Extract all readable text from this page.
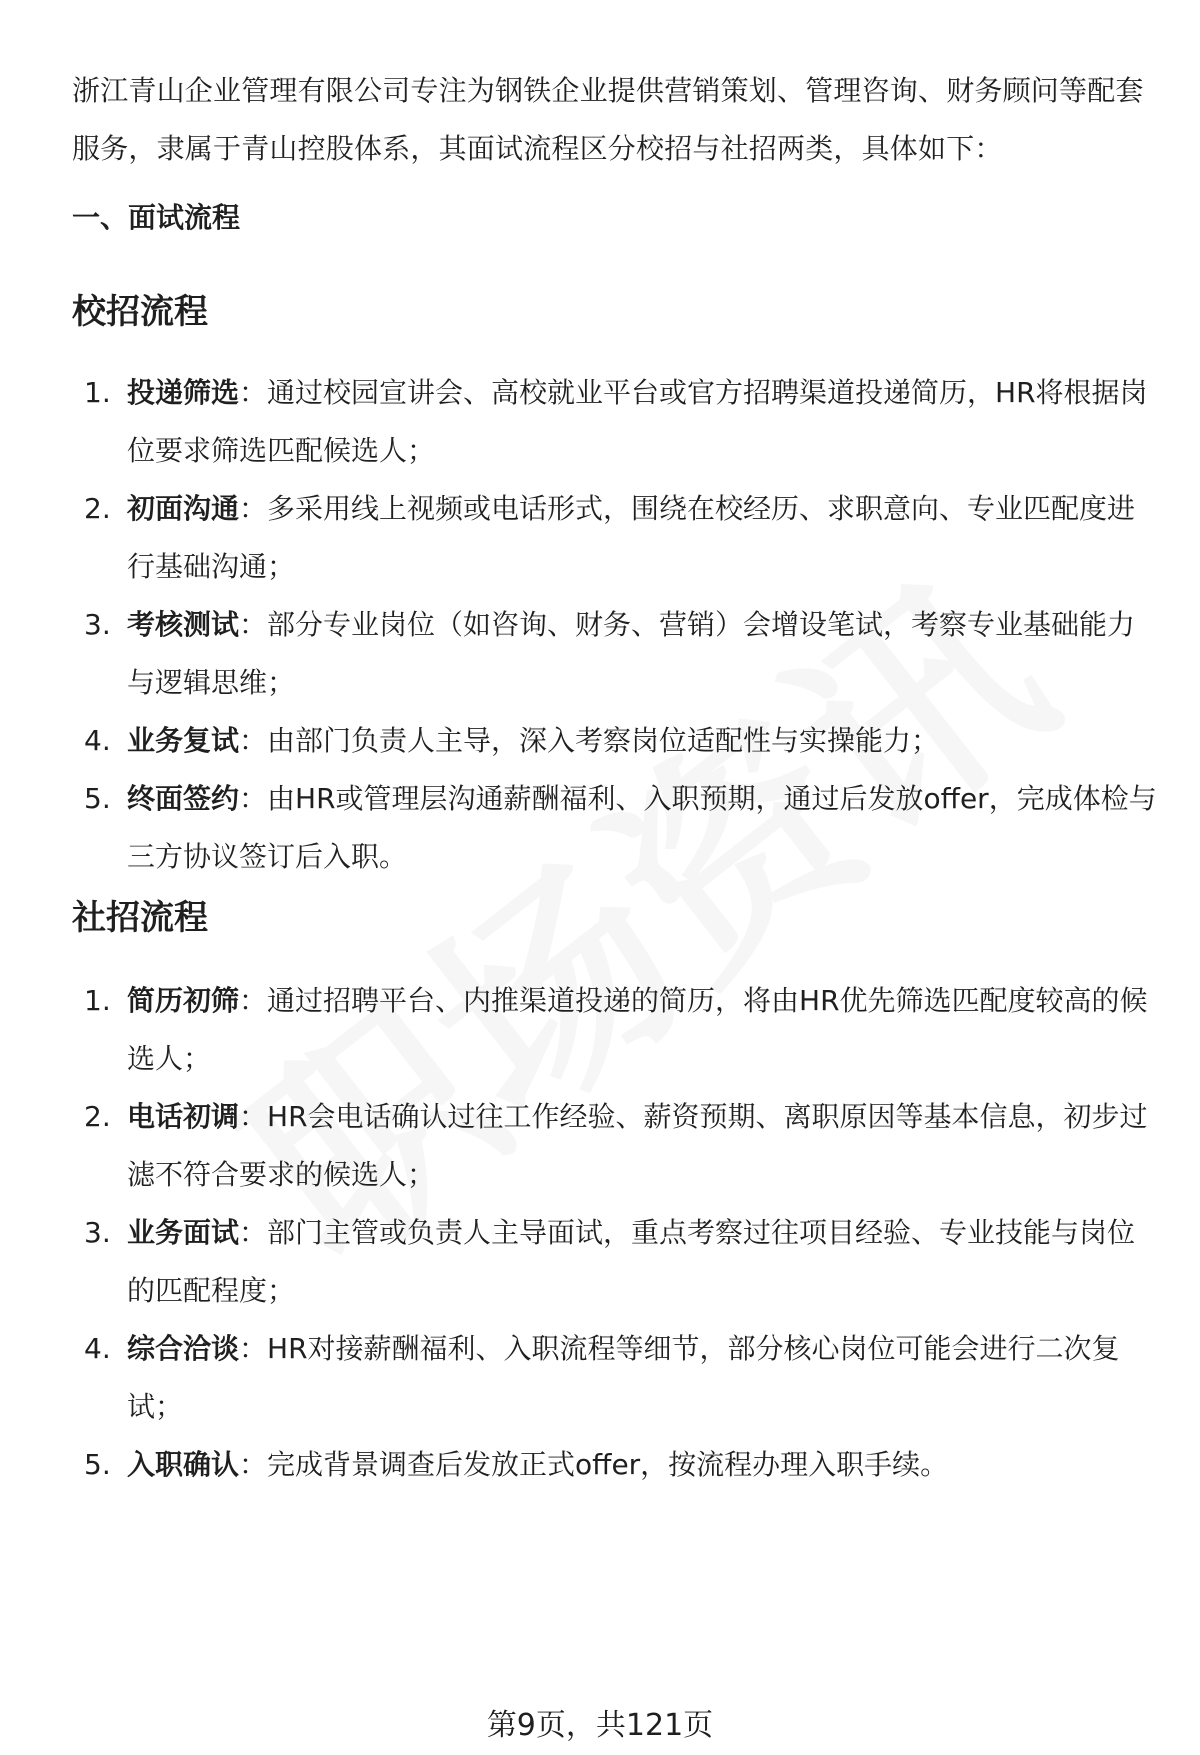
浙江青山企业管理有限公司专注为钢铁企业提供营销策划、管理咨询、财务顾问等配套服务，隶属于青山控股体系，其面试流程区分校招与社招两类，具体如下：

一、面试流程
校招流程
1. 投递筛选：通过校园宣讲会、高校就业平台或官方招聘渠道投递简历，HR将根据岗位要求筛选匹配候选人；
2. 初面沟通：多采用线上视频或电话形式，围绕在校经历、求职意向、专业匹配度进行基础沟通；
3. 考核测试：部分专业岗位（如咨询、财务、营销）会增设笔试，考察专业基础能力与逻辑思维；
4. 业务复试：由部门负责人主导，深入考察岗位适配性与实操能力；
5. 终面签约：由HR或管理层沟通薪酬福利、入职预期，通过后发放offer，完成体检与三方协议签订后入职。
社招流程
1. 简历初筛：通过招聘平台、内推渠道投递的简历，将由HR优先筛选匹配度较高的候选人；
2. 电话初调：HR会电话确认过往工作经验、薪资预期、离职原因等基本信息，初步过滤不符合要求的候选人；
3. 业务面试：部门主管或负责人主导面试，重点考察过往项目经验、专业技能与岗位的匹配程度；
4. 综合洽谈：HR对接薪酬福利、入职流程等细节，部分核心岗位可能会进行二次复试；
5. 入职确认：完成背景调查后发放正式offer，按流程办理入职手续。
第9页，共121页
